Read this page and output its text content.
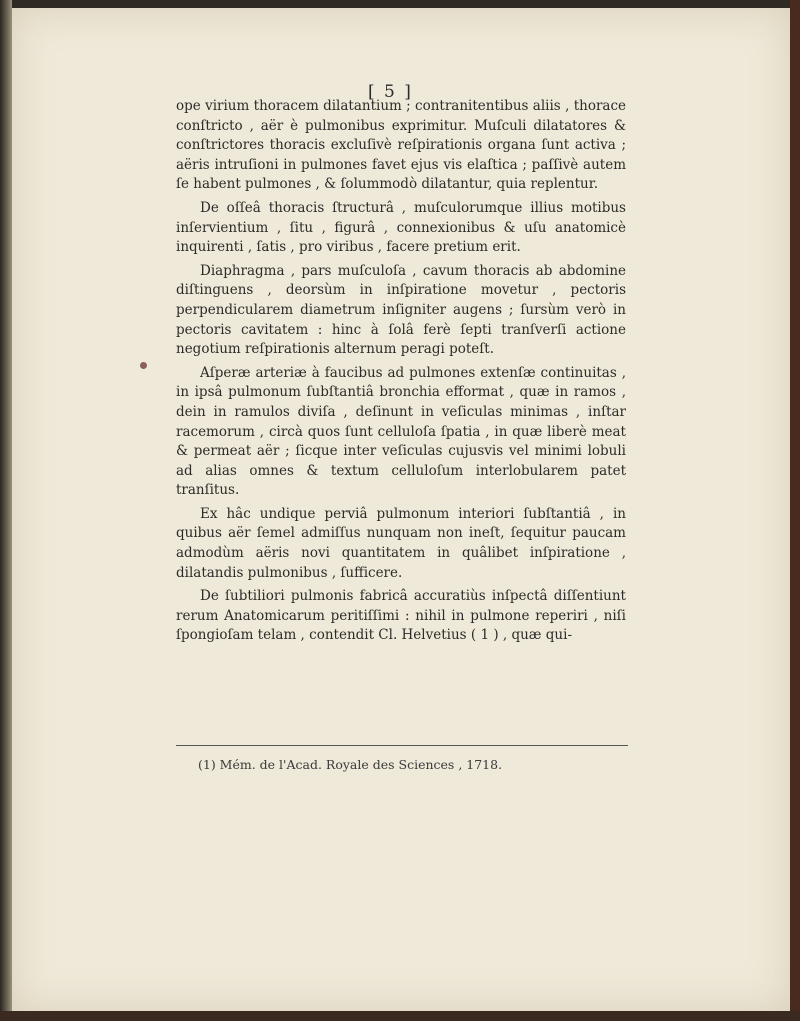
[ 5 ]

ope virium thoracem dilatantium ; contranitentibus aliis , thorace conſtricto , aër è pulmonibus exprimitur. Muſculi dilatatores & conſtrictores thoracis excluſivè reſpirationis organa ſunt activa ; aëris intruſioni in pulmones favet ejus vis elaſtica ; paſſivè autem ſe habent pulmones , & ſolummodò dilatantur, quia replentur.

De oſſeâ thoracis ſtructurâ , muſculorumque illius motibus inſervientium , ſitu , figurâ , connexionibus & uſu anatomicè inquirenti , ſatis , pro viribus , facere pretium erit.

Diaphragma , pars muſculoſa , cavum thoracis ab abdomine diſtinguens , deorsùm in inſpiratione movetur , pectoris perpendicularem diametrum inſigniter augens ; ſursùm verò in pectoris cavitatem : hinc à ſolâ ferè ſepti tranſverſi actione negotium reſpirationis alternum peragi poteſt.

Aſperæ arteriæ à faucibus ad pulmones extenſæ continuitas , in ipsâ pulmonum ſubſtantiâ bronchia efformat , quæ in ramos , dein in ramulos diviſa , deſinunt in veſiculas minimas , inſtar racemorum , circà quos ſunt celluloſa ſpatia , in quæ liberè meat & permeat aër ; ſicque inter veſiculas cujusvis vel minimi lobuli ad alias omnes & textum celluloſum interlobularem patet tranſitus.

Ex hâc undique perviâ pulmonum interiori ſubſtantiâ , in quibus aër ſemel admiſſus nunquam non ineſt, ſequitur paucam admodùm aëris novi quantitatem in quâlibet inſpiratione , dilatandis pulmonibus , ſufficere.

De ſubtiliori pulmonis fabricâ accuratiùs inſpectâ diſſentiunt rerum Anatomicarum peritiſſimi : nihil in pulmone reperiri , niſi ſpongioſam telam , contendit Cl. Helvetius ( 1 ) , quæ qui-

(1) Mém. de l'Acad. Royale des Sciences , 1718.
